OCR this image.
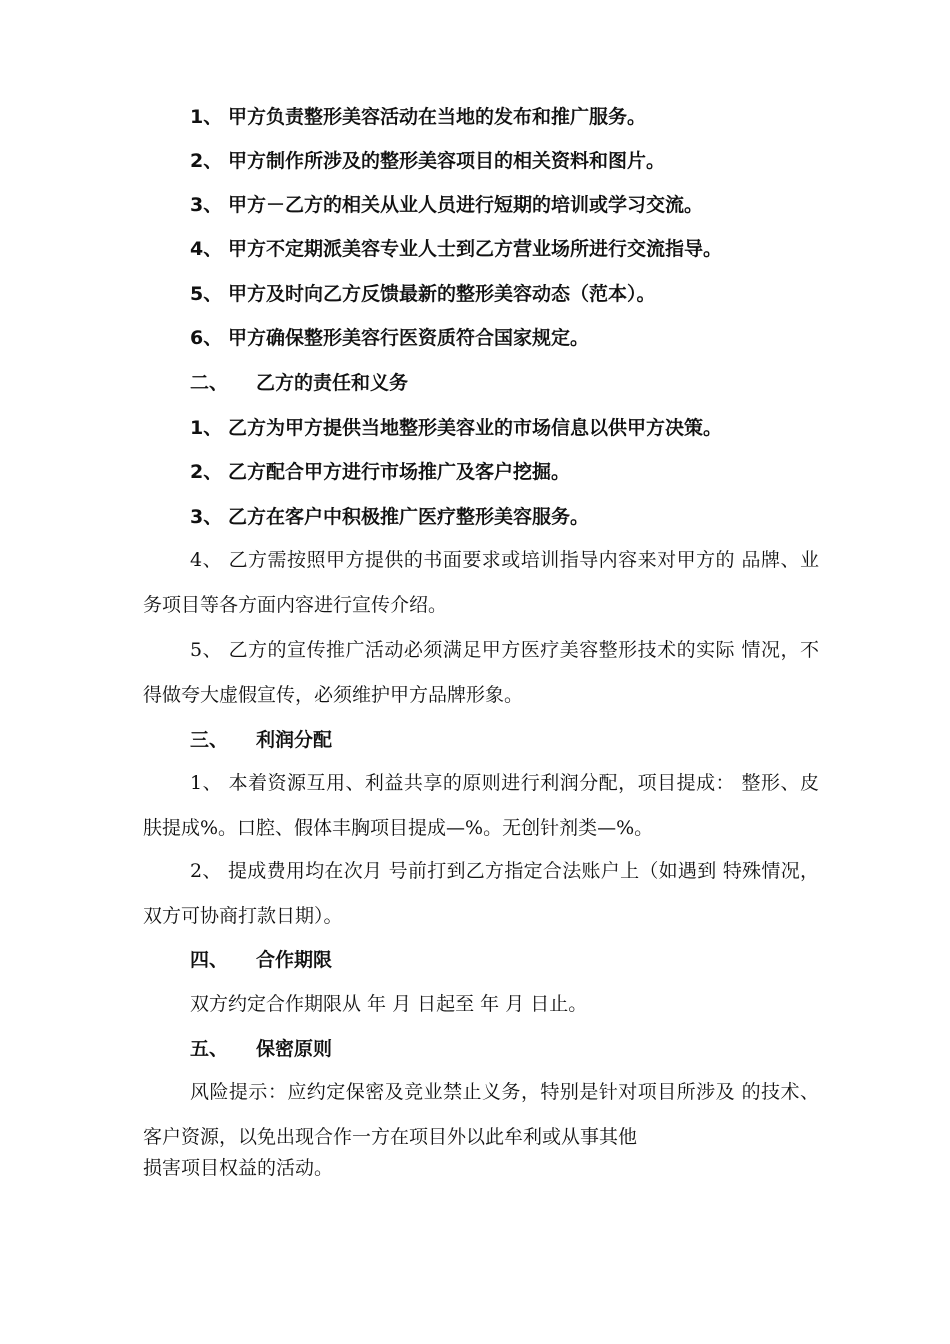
1、 甲方负责整形美容活动在当地的发布和推广服务。
2、 甲方制作所涉及的整形美容项目的相关资料和图片。
3、 甲方－乙方的相关从业人员进行短期的培训或学习交流。
4、 甲方不定期派美容专业人士到乙方营业场所进行交流指导。
5、 甲方及时向乙方反馈最新的整形美容动态（范本）。
6、 甲方确保整形美容行医资质符合国家规定。
二、 乙方的责任和义务
1、 乙方为甲方提供当地整形美容业的市场信息以供甲方决策。
2、 乙方配合甲方进行市场推广及客户挖掘。
3、 乙方在客户中积极推广医疗整形美容服务。
4、 乙方需按照甲方提供的书面要求或培训指导内容来对甲方的 品牌、业务项目等各方面内容进行宣传介绍。
5、 乙方的宣传推广活动必须满足甲方医疗美容整形技术的实际 情况，不得做夸大虚假宣传，必须维护甲方品牌形象。
三、 利润分配
1、 本着资源互用、利益共享的原则进行利润分配，项目提成： 整形、皮肤提成%。口腔、假体丰胸项目提成—%。无创针剂类—%。
2、 提成费用均在次月 号前打到乙方指定合法账户上（如遇到 特殊情况，双方可协商打款日期）。
四、 合作期限
双方约定合作期限从 年 月 日起至 年 月 日止。
五、 保密原则
风险提示：应约定保密及竞业禁止义务，特别是针对项目所涉及 的技术、客户资源，以免出现合作一方在项目外以此牟利或从事其他
损害项目权益的活动。
